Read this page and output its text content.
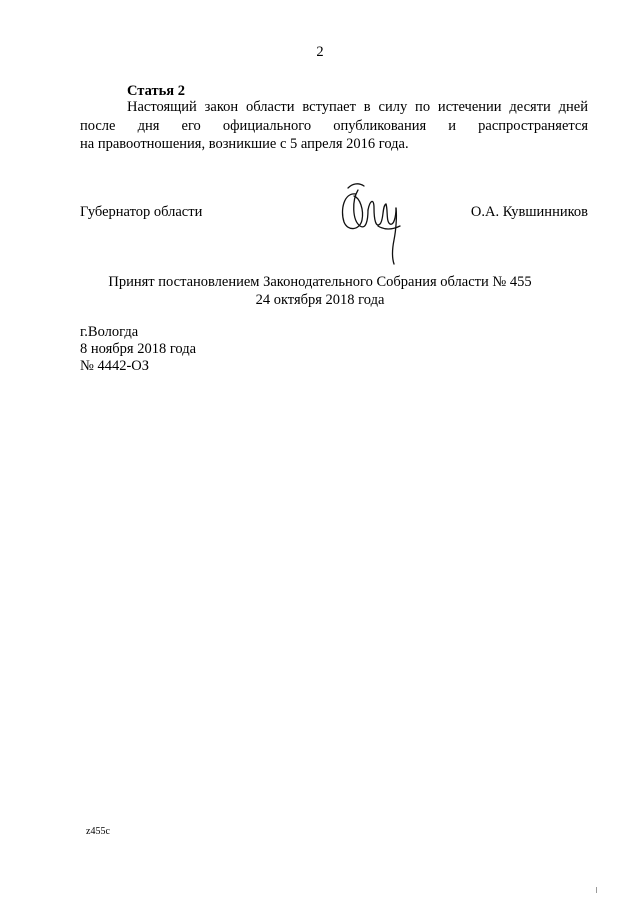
2
Статья 2
Настоящий закон области вступает в силу по истечении десяти дней
после дня его официального опубликования и распространяется
на правоотношения, возникшие с 5 апреля 2016 года.
Губернатор области	О.А. Кувшинников
Принят постановлением Законодательного Собрания области № 455
24 октября 2018 года
г.Вологда
8 ноября 2018 года
№ 4442-ОЗ
z455c
